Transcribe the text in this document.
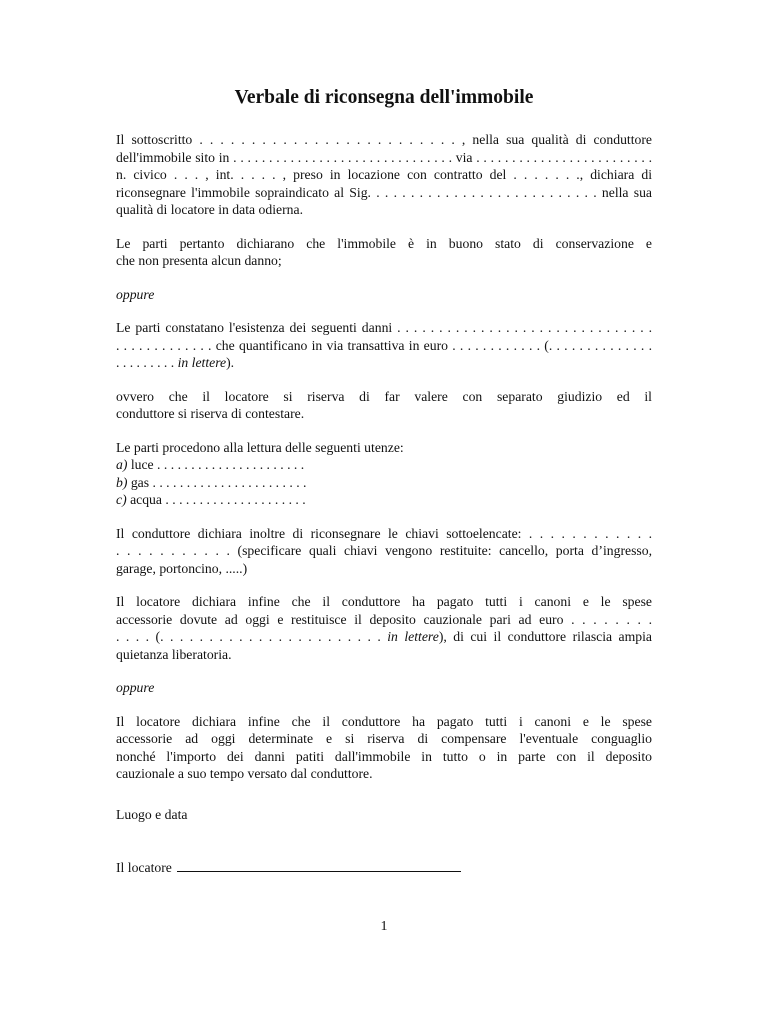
Verbale di riconsegna dell'immobile

Il sottoscritto . . . . . . . . . . . . . . . . . . . . . . . . . , nella sua qualità di conduttore
dell'immobile sito in . . . . . . . . . . . . . . . . . . . . . . . . . . . . . . . via . . . . . . . . . . . . . . . . . . . . . . . . .
n. civico . . . , int. . . . . , preso in locazione con contratto del . . . . . . ., dichiara di
riconsegnare l'immobile sopraindicato al Sig. . . . . . . . . . . . . . . . . . . . . . . . . . . nella sua
qualità di locatore in data odierna.

Le parti pertanto dichiarano che l'immobile è in buono stato di conservazione e
che non presenta alcun danno;

oppure

Le parti constatano l'esistenza dei seguenti danni . . . . . . . . . . . . . . . . . . . . . . . . . . . . . . .
. . . . . . . . . . . . . che quantificano in via transattiva in euro . . . . . . . . . . . . (. . . . . . . . . . . . . .
. . . . . . . . . in lettere).

ovvero che il locatore si riserva di far valere con separato giudizio ed il
conduttore si riserva di contestare.

Le parti procedono alla lettura delle seguenti utenze:
a) luce . . . . . . . . . . . . . . . . . . . . . .
b) gas . . . . . . . . . . . . . . . . . . . . . . .
c) acqua . . . . . . . . . . . . . . . . . . . . .

Il conduttore dichiara inoltre di riconsegnare le chiavi sottoelencate: . . . . . . . . . . . .
. . . . . . . . . . . (specificare quali chiavi vengono restituite: cancello, porta d’ingresso,
garage, portoncino, .....)

Il locatore dichiara infine che il conduttore ha pagato tutti i canoni e le spese
accessorie dovute ad oggi e restituisce il deposito cauzionale pari ad euro . . . . . . . .
. . . . (. . . . . . . . . . . . . . . . . . . . . . . in lettere), di cui il conduttore rilascia ampia
quietanza liberatoria.

oppure

Il locatore dichiara infine che il conduttore ha pagato tutti i canoni e le spese
accessorie ad oggi determinate e si riserva di compensare l'eventuale conguaglio
nonché l'importo dei danni patiti dall'immobile in tutto o in parte con il deposito
cauzionale a suo tempo versato dal conduttore.

Luogo e data
Il locatore
1
